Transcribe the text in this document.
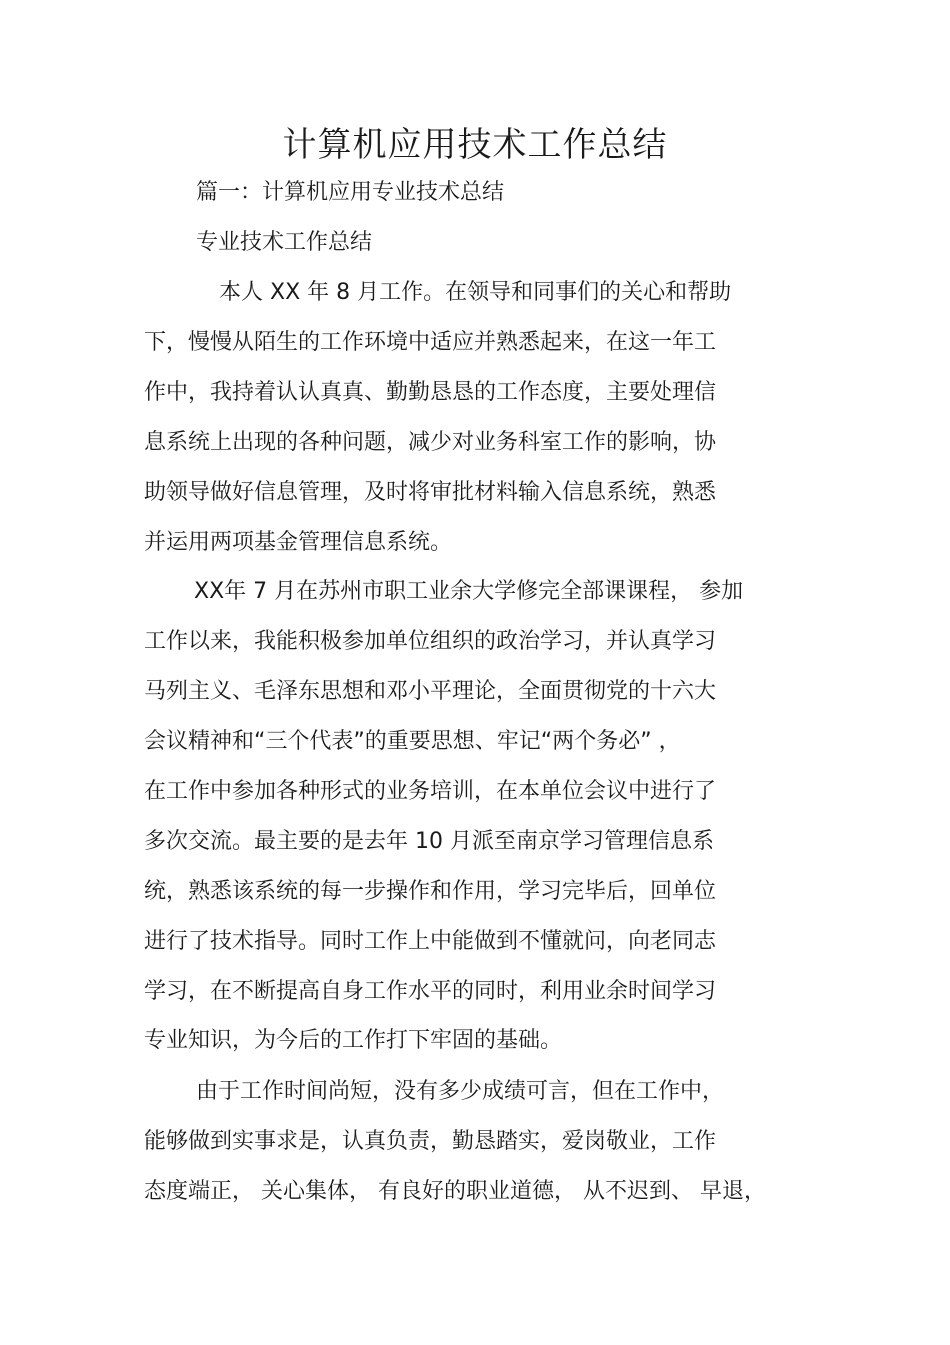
计算机应用技术工作总结

篇一：计算机应用专业技术总结

专业技术工作总结

本人 XX 年 8 月工作。在领导和同事们的关心和帮助

下，慢慢从陌生的工作环境中适应并熟悉起来，在这一年工

作中，我持着认认真真、勤勤恳恳的工作态度，主要处理信

息系统上出现的各种问题，减少对业务科室工作的影响，协

助领导做好信息管理，及时将审批材料输入信息系统，熟悉

并运用两项基金管理信息系统。

XX年 7 月在苏州市职工业余大学修完全部课课程， 参加

工作以来，我能积极参加单位组织的政治学习，并认真学习

马列主义、毛泽东思想和邓小平理论，全面贯彻党的十六大

会议精神和“三个代表”的重要思想、牢记“两个务必” ，

在工作中参加各种形式的业务培训，在本单位会议中进行了

多次交流。最主要的是去年 10 月派至南京学习管理信息系

统，熟悉该系统的每一步操作和作用，学习完毕后，回单位

进行了技术指导。同时工作上中能做到不懂就问，向老同志

学习，在不断提高自身工作水平的同时，利用业余时间学习

专业知识，为今后的工作打下牢固的基础。

由于工作时间尚短，没有多少成绩可言，但在工作中，

能够做到实事求是，认真负责，勤恳踏实，爱岗敬业，工作

态度端正， 关心集体， 有良好的职业道德， 从不迟到、 早退，
